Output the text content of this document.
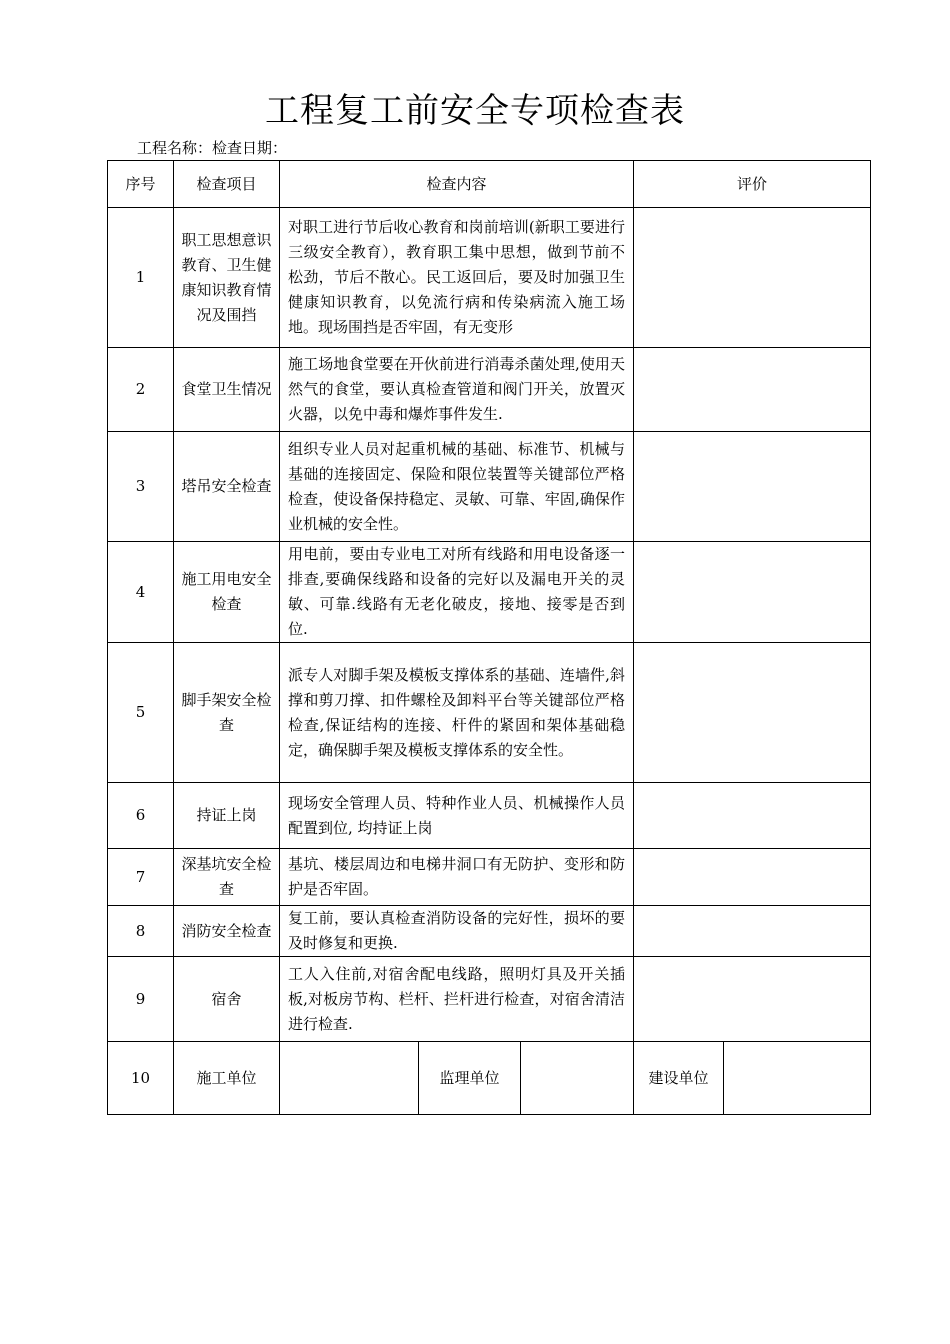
工程复工前安全专项检查表
工程名称：检查日期：
序号	检查项目	检查内容			评价	
1	职工思想意识教育、卫生健康知识教育情况及围挡	对职工进行节后收心教育和岗前培训(新职工要进行三级安全教育），教育职工集中思想，做到节前不松劲，节后不散心。民工返回后，要及时加强卫生健康知识教育，以免流行病和传染病流入施工场地。现场围挡是否牢固，有无变形				
2	食堂卫生情况	施工场地食堂要在开伙前进行消毒杀菌处理,使用天然气的食堂，要认真检查管道和阀门开关，放置灭火器，以免中毒和爆炸事件发生.				
3	塔吊安全检查	组织专业人员对起重机械的基础、标准节、机械与基础的连接固定、保险和限位装置等关键部位严格检查，使设备保持稳定、灵敏、可靠、牢固,确保作业机械的安全性。				
4	施工用电安全检查	用电前，要由专业电工对所有线路和用电设备逐一排查,要确保线路和设备的完好以及漏电开关的灵敏、可靠.线路有无老化破皮，接地、接零是否到位.				
5	脚手架安全检查	派专人对脚手架及模板支撑体系的基础、连墙件,斜撑和剪刀撑、扣件螺栓及卸料平台等关键部位严格检查,保证结构的连接、杆件的紧固和架体基础稳定，确保脚手架及模板支撑体系的安全性。				
6	持证上岗	现场安全管理人员、特种作业人员、机械操作人员配置到位, 均持证上岗				
7	深基坑安全检查	基坑、楼层周边和电梯井洞口有无防护、变形和防护是否牢固。				
8	消防安全检查	复工前，要认真检查消防设备的完好性，损坏的要及时修复和更换.				
9	宿舍	工人入住前,对宿舍配电线路，照明灯具及开关插板,对板房节构、栏杆、拦杆进行检查，对宿舍清洁进行检查.				
10	施工单位		监理单位		建设单位	
